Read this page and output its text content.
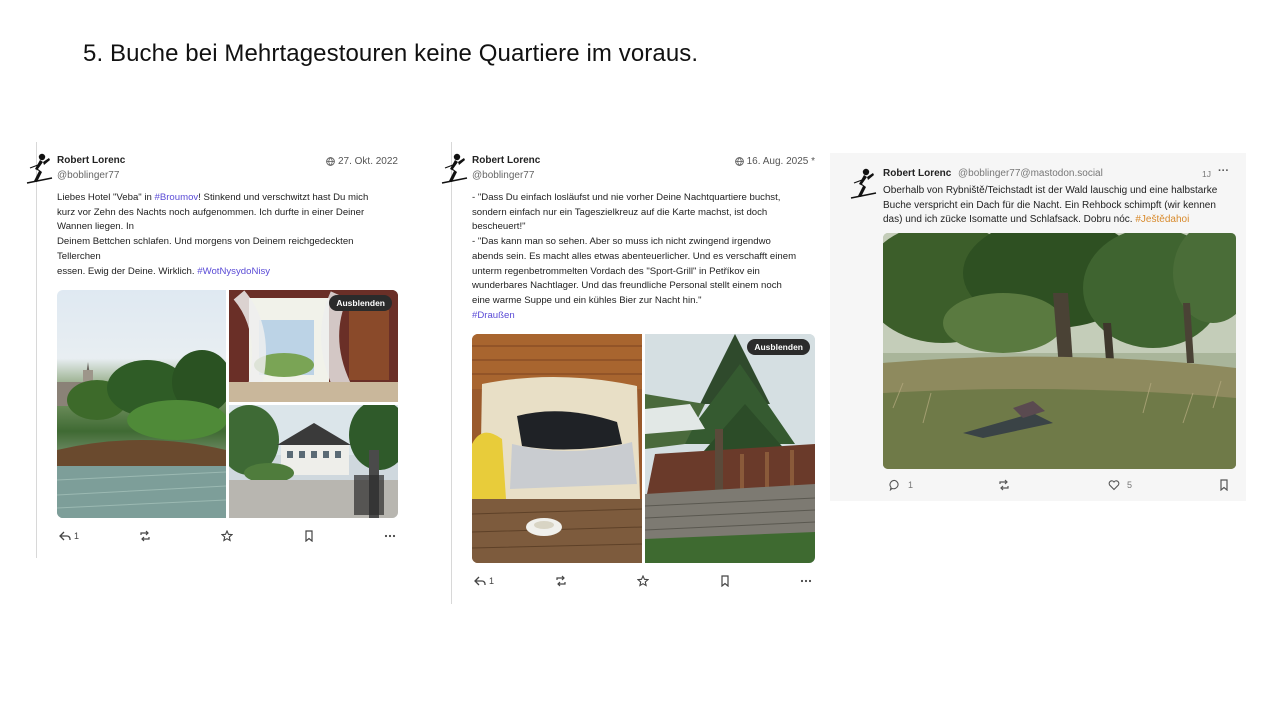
5. Buche bei Mehrtagestouren keine Quartiere im voraus.
Robert Lorenc
@boblinger77
27. Okt. 2022
Liebes Hotel "Veba" in #Broumov! Stinkend und verschwitzt hast Du mich
kurz vor Zehn des Nachts noch aufgenommen. Ich durfte in einer Deiner
Wannen liegen. In
Deinem Bettchen schlafen. Und morgens von Deinem reichgedeckten
Tellerchen
essen. Ewig der Deine. Wirklich. #WotNysydoNisy
Ausblenden
1
Robert Lorenc
@boblinger77
16. Aug. 2025 *
- "Dass Du einfach losläufst und nie vorher Deine Nachtquartiere buchst,
sondern einfach nur ein Tageszielkreuz auf die Karte machst, ist doch
bescheuert!"
- "Das kann man so sehen. Aber so muss ich nicht zwingend irgendwo
abends sein. Es macht alles etwas abenteuerlicher. Und es verschafft einem
unterm regenbetrommelten Vordach des "Sport-Grill" in Petříkov ein
wunderbares Nachtlager. Und das freundliche Personal stellt einem noch
eine warme Suppe und ein kühles Bier zur Nacht hin."
#Draußen
Ausblenden
1
Robert Lorenc @boblinger77@mastodon.social	1J ···
Oberhalb von Rybniště/Teichstadt ist der Wald lauschig und eine halbstarke
Buche verspricht ein Dach für die Nacht. Ein Rehbock schimpft (wir kennen
das) und ich zücke Isomatte und Schlafsack. Dobru nóc. #Ještědahoi
1	5
